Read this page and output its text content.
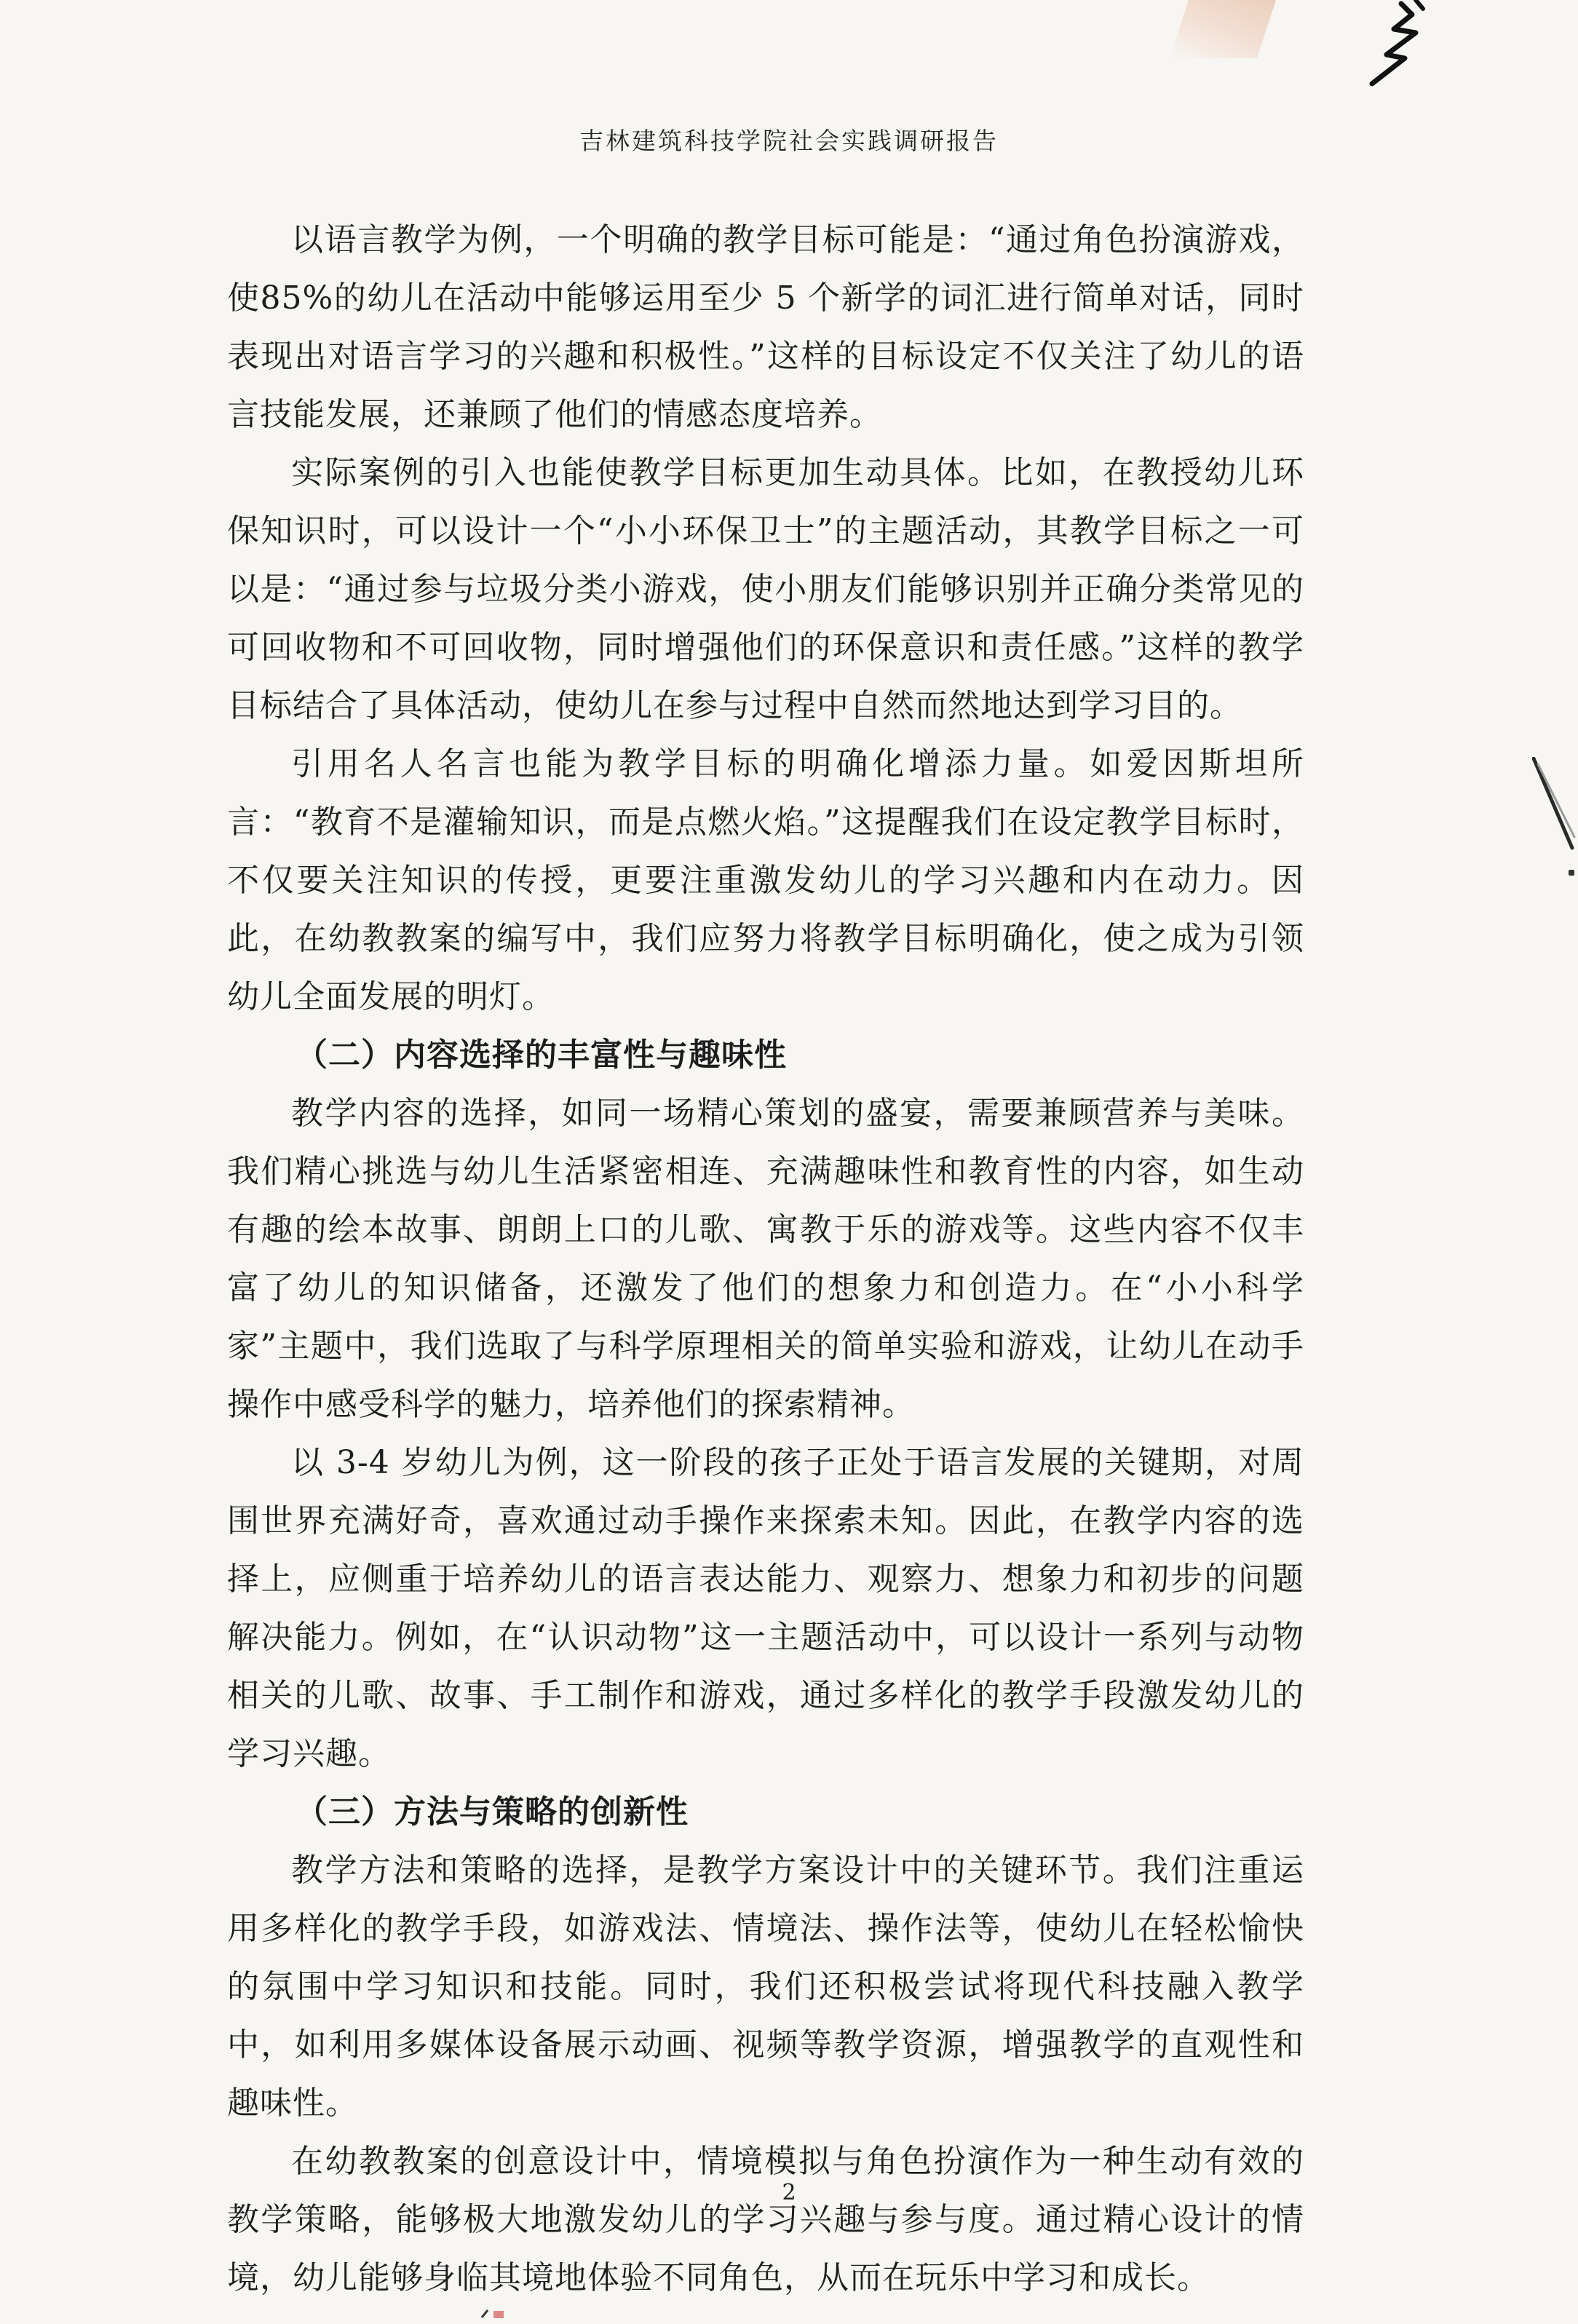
吉林建筑科技学院社会实践调研报告

以语言教学为例，一个明确的教学目标可能是：“通过角色扮演游戏，使85%的幼儿在活动中能够运用至少 5 个新学的词汇进行简单对话，同时表现出对语言学习的兴趣和积极性。”这样的目标设定不仅关注了幼儿的语言技能发展，还兼顾了他们的情感态度培养。

实际案例的引入也能使教学目标更加生动具体。比如，在教授幼儿环保知识时，可以设计一个“小小环保卫士”的主题活动，其教学目标之一可以是：“通过参与垃圾分类小游戏，使小朋友们能够识别并正确分类常见的可回收物和不可回收物，同时增强他们的环保意识和责任感。”这样的教学目标结合了具体活动，使幼儿在参与过程中自然而然地达到学习目的。

引用名人名言也能为教学目标的明确化增添力量。如爱因斯坦所言：“教育不是灌输知识，而是点燃火焰。”这提醒我们在设定教学目标时，不仅要关注知识的传授，更要注重激发幼儿的学习兴趣和内在动力。因此，在幼教教案的编写中，我们应努力将教学目标明确化，使之成为引领幼儿全面发展的明灯。

（二）内容选择的丰富性与趣味性

教学内容的选择，如同一场精心策划的盛宴，需要兼顾营养与美味。我们精心挑选与幼儿生活紧密相连、充满趣味性和教育性的内容，如生动有趣的绘本故事、朗朗上口的儿歌、寓教于乐的游戏等。这些内容不仅丰富了幼儿的知识储备，还激发了他们的想象力和创造力。在“小小科学家”主题中，我们选取了与科学原理相关的简单实验和游戏，让幼儿在动手操作中感受科学的魅力，培养他们的探索精神。

以 3-4 岁幼儿为例，这一阶段的孩子正处于语言发展的关键期，对周围世界充满好奇，喜欢通过动手操作来探索未知。因此，在教学内容的选择上，应侧重于培养幼儿的语言表达能力、观察力、想象力和初步的问题解决能力。例如，在“认识动物”这一主题活动中，可以设计一系列与动物相关的儿歌、故事、手工制作和游戏，通过多样化的教学手段激发幼儿的学习兴趣。

（三）方法与策略的创新性

教学方法和策略的选择，是教学方案设计中的关键环节。我们注重运用多样化的教学手段，如游戏法、情境法、操作法等，使幼儿在轻松愉快的氛围中学习知识和技能。同时，我们还积极尝试将现代科技融入教学中，如利用多媒体设备展示动画、视频等教学资源，增强教学的直观性和趣味性。

在幼教教案的创意设计中，情境模拟与角色扮演作为一种生动有效的教学策略，能够极大地激发幼儿的学习兴趣与参与度。通过精心设计的情境，幼儿能够身临其境地体验不同角色，从而在玩乐中学习和成长。

2
